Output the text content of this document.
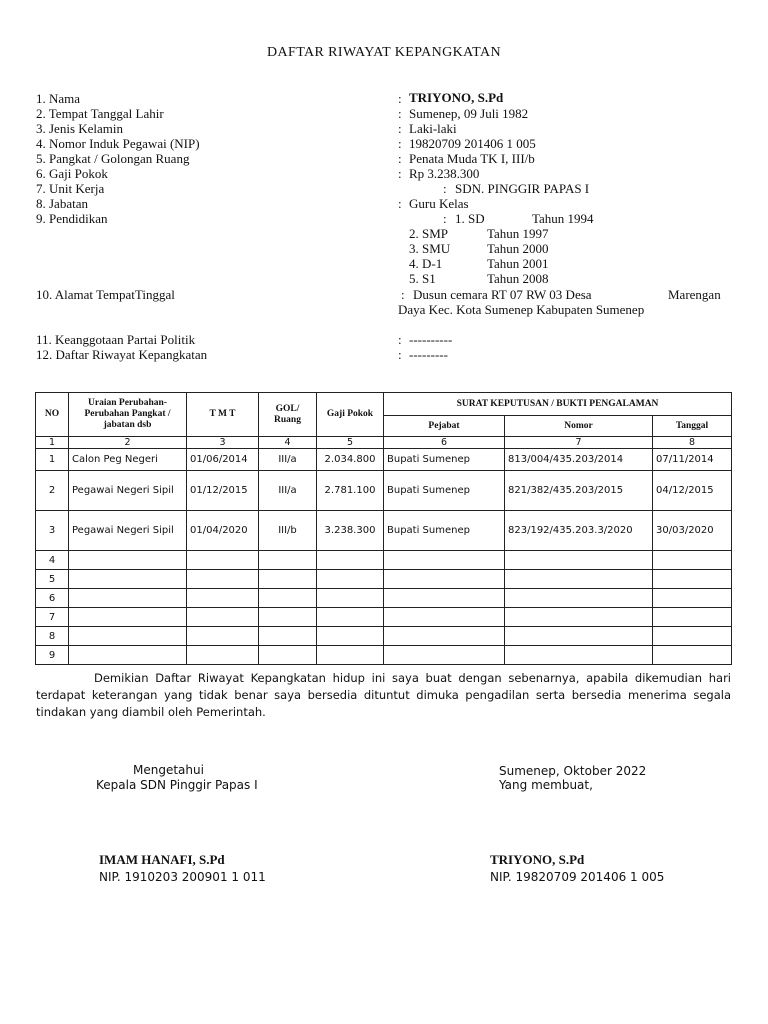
DAFTAR RIWAYAT KEPANGKATAN
1. Nama	: TRIYONO, S.Pd
2. Tempat Tanggal Lahir	: Sumenep, 09 Juli 1982
3. Jenis Kelamin	: Laki-laki
4. Nomor Induk Pegawai (NIP)	: 19820709 201406 1 005
5. Pangkat / Golongan Ruang	: Penata Muda TK I, III/b
6. Gaji Pokok	: Rp 3.238.300
7. Unit Kerja	: SDN. PINGGIR PAPAS I
8. Jabatan	: Guru Kelas
9. Pendidikan	: 1. SD	Tahun 1994
2. SMP	Tahun 1997
3. SMU	Tahun 2000
4. D-1	Tahun 2001
5. S1	Tahun 2008
10. Alamat TempatTinggal	: Dusun cemara RT 07 RW 03 Desa	Marengan
Daya Kec. Kota Sumenep Kabupaten Sumenep
11. Keanggotaan Partai Politik	: ----------
12. Daftar Riwayat Kepangkatan	: ---------
NO	Uraian Perubahan-Perubahan Pangkat / jabatan dsb	T M T	GOL/ Ruang	Gaji Pokok	SURAT KEPUTUSAN / BUKTI PENGALAMAN		
					Pejabat	Nomor	Tanggal
1	2	3	4	5	6	7	8
1	Calon Peg Negeri	01/06/2014	III/a	2.034.800	Bupati Sumenep	813/004/435.203/2014	07/11/2014
2	Pegawai Negeri Sipil	01/12/2015	III/a	2.781.100	Bupati Sumenep	821/382/435.203/2015	04/12/2015
3	Pegawai Negeri Sipil	01/04/2020	III/b	3.238.300	Bupati Sumenep	823/192/435.203.3/2020	30/03/2020
4							
5							
6							
7							
8							
9							
Demikian Daftar Riwayat Kepangkatan hidup ini saya buat dengan sebenarnya, apabila dikemudian hari terdapat keterangan yang tidak benar saya bersedia dituntut dimuka pengadilan serta bersedia menerima segala tindakan yang diambil oleh Pemerintah.
Mengetahui
Kepala SDN Pinggir Papas I
IMAM HANAFI, S.Pd
NIP. 1910203 200901 1 011
Sumenep, Oktober 2022
Yang membuat,
TRIYONO, S.Pd
NIP. 19820709 201406 1 005
